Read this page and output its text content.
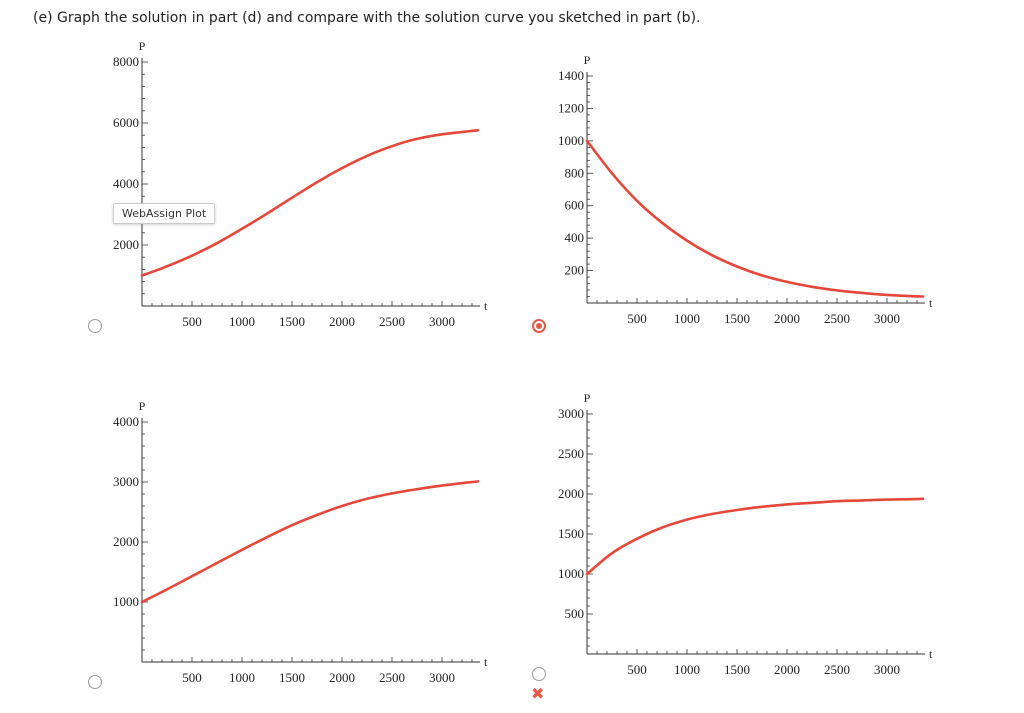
(e) Graph the solution in part (d) and compare with the solution curve you sketched in part (b).
500 1000 1500 2000 2500 3000
2000
4000
6000
8000
t
P
500 1000 1500 2000 2500 3000
200
400
600
800
1000
1200
1400
t
P
500 1000 1500 2000 2500 3000
1000
2000
3000
4000
t
P
500 1000 1500 2000 2500 3000
500
1000
1500
2000
2500
3000
t
P
WebAssign Plot
✖
